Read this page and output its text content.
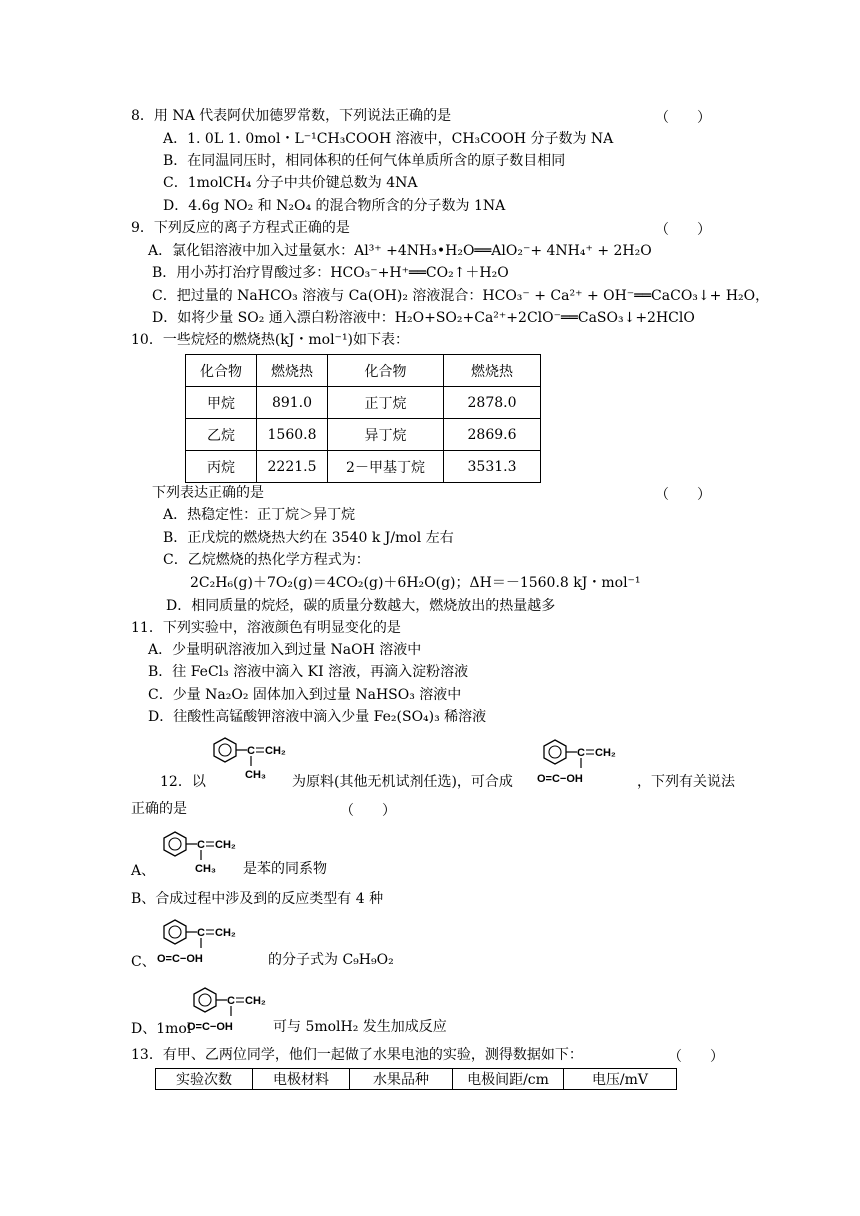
8．用 NA 代表阿伏加德罗常数，下列说法正确的是	（　　）
A．1. 0L 1. 0mol・L⁻¹CH₃COOH 溶液中，CH₃COOH 分子数为 NA
B．在同温同压时，相同体积的任何气体单质所含的原子数目相同
C．1molCH₄ 分子中共价键总数为 4NA
D．4.6g NO₂ 和 N₂O₄ 的混合物所含的分子数为 1NA
9．下列反应的离子方程式正确的是	（　　）
A．氯化铝溶液中加入过量氨水：Al³⁺ +4NH₃•H₂O══AlO₂⁻+ 4NH₄⁺ + 2H₂O
B．用小苏打治疗胃酸过多：HCO₃⁻+H⁺══CO₂↑＋H₂O
C．把过量的 NaHCO₃ 溶液与 Ca(OH)₂ 溶液混合：HCO₃⁻ + Ca²⁺ + OH⁻══CaCO₃↓+ H₂O，
D．如将少量 SO₂ 通入漂白粉溶液中：H₂O+SO₂+Ca²⁺+2ClO⁻══CaSO₃↓+2HClO
10．一些烷烃的燃烧热(kJ・mol⁻¹)如下表：
化合物	燃烧热	化合物	燃烧热
甲烷	891.0	正丁烷	2878.0
乙烷	1560.8	异丁烷	2869.6
丙烷	2221.5	2－甲基丁烷	3531.3
下列表达正确的是	（　　）
A．热稳定性：正丁烷＞异丁烷
B．正戊烷的燃烧热大约在 3540 k J/mol 左右
C．乙烷燃烧的热化学方程式为：
2C₂H₆(g)＋7O₂(g)＝4CO₂(g)＋6H₂O(g)；ΔH＝－1560.8 kJ・mol⁻¹
D．相同质量的烷烃，碳的质量分数越大，燃烧放出的热量越多
11．下列实验中，溶液颜色有明显变化的是
A．少量明矾溶液加入到过量 NaOH 溶液中
B．往 FeCl₃ 溶液中滴入 KI 溶液，再滴入淀粉溶液
C．少量 Na₂O₂ 固体加入到过量 NaHSO₃ 溶液中
D．往酸性高锰酸钾溶液中滴入少量 Fe₂(SO₄)₃ 稀溶液
C CH₂
CH₃
12．以	为原料(其他无机试剂任选)，可合成
C CH₂
O=C−OH	，下列有关说法
正确的是	（　　）
C CH₂
CH₃
A、	是苯的同系物
B、合成过程中涉及到的反应类型有 4 种
C CH₂
O=C−OH
C、	的分子式为 C₉H₉O₂
C CH₂
O=C−OH
D、1mol	可与 5molH₂ 发生加成反应
13．有甲、乙两位同学，他们一起做了水果电池的实验，测得数据如下：	（　　）
实验次数	电极材料	水果品种	电极间距/cm	电压/mV
